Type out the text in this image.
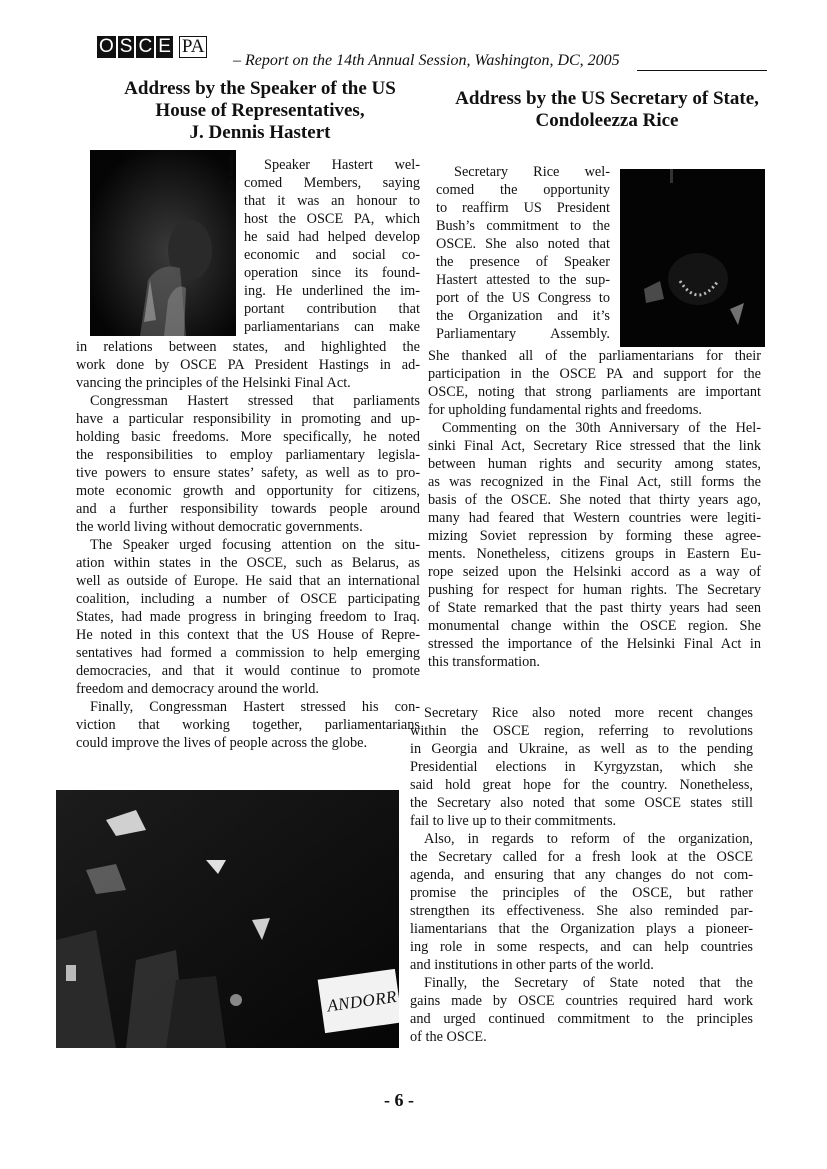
O S C E PA
– Report on the 14th Annual Session, Washington, DC, 2005
Address by the Speaker of the US
House of Representatives,
J. Dennis Hastert
Address by the US Secretary of State,
Condoleezza Rice
(Photo: Philippe Nicolas)	Speaker Hastert wel-
comed Members, saying
that it was an honour to
host the OSCE PA, which
he said had helped develop
economic and social co-
operation since its found-
ing. He underlined the im-
portant contribution that
parliamentarians can make
in relations between states, and highlighted the
work done by OSCE PA President Hastings in ad-
vancing the principles of the Helsinki Final Act.
Congressman Hastert stressed that parliaments
have a particular responsibility in promoting and up-
holding basic freedoms. More specifically, he noted
the responsibilities to employ parliamentary legisla-
tive powers to ensure states’ safety, as well as to pro-
mote economic growth and opportunity for citizens,
and a further responsibility towards people around
the world living without democratic governments.
The Speaker urged focusing attention on the situ-
ation within states in the OSCE, such as Belarus, as
well as outside of Europe. He said that an international
coalition, including a number of OSCE participating
States, had made progress in bringing freedom to Iraq.
He noted in this context that the US House of Repre-
sentatives had formed a commission to help emerging
democracies, and that it would continue to promote
freedom and democracy around the world.
Finally, Congressman Hastert stressed his con-
viction that working together, parliamentarians
could improve the lives of people across the globe.
Secretary Rice wel-
comed the opportunity
to reaffirm US President
Bush’s commitment to the
OSCE. She also noted that
the presence of Speaker
Hastert attested to the sup-
port of the US Congress to
the Organization and it’s
Parliamentary Assembly.
She thanked all of the parliamentarians for their
participation in the OSCE PA and support for the
OSCE, noting that strong parliaments are important
for upholding fundamental rights and freedoms.
Commenting on the 30th Anniversary of the Hel-
sinki Final Act, Secretary Rice stressed that the link
between human rights and security among states,
as was recognized in the Final Act, still forms the
basis of the OSCE. She noted that thirty years ago,
many had feared that Western countries were legiti-
mizing Soviet repression by forming these agree-
ments. Nonetheless, citizens groups in Eastern Eu-
rope seized upon the Helsinki accord as a way of
pushing for respect for human rights. The Secretary
of State remarked that the past thirty years had seen
monumental change within the OSCE region. She
stressed the importance of the Helsinki Final Act in
this transformation.
ANDORR
Secretary Rice also noted more recent changes
within the OSCE region, referring to revolutions
in Georgia and Ukraine, as well as to the pending
Presidential elections in Kyrgyzstan, which she
said hold great hope for the country. Nonetheless,
the Secretary also noted that some OSCE states still
fail to live up to their commitments.
Also, in regards to reform of the organization,
the Secretary called for a fresh look at the OSCE
agenda, and ensuring that any changes do not com-
promise the principles of the OSCE, but rather
strengthen its effectiveness. She also reminded par-
liamentarians that the Organization plays a pioneer-
ing role in some respects, and can help countries
and institutions in other parts of the world.
Finally, the Secretary of State noted that the
gains made by OSCE countries required hard work
and urged continued commitment to the principles
of the OSCE.
- 6 -
